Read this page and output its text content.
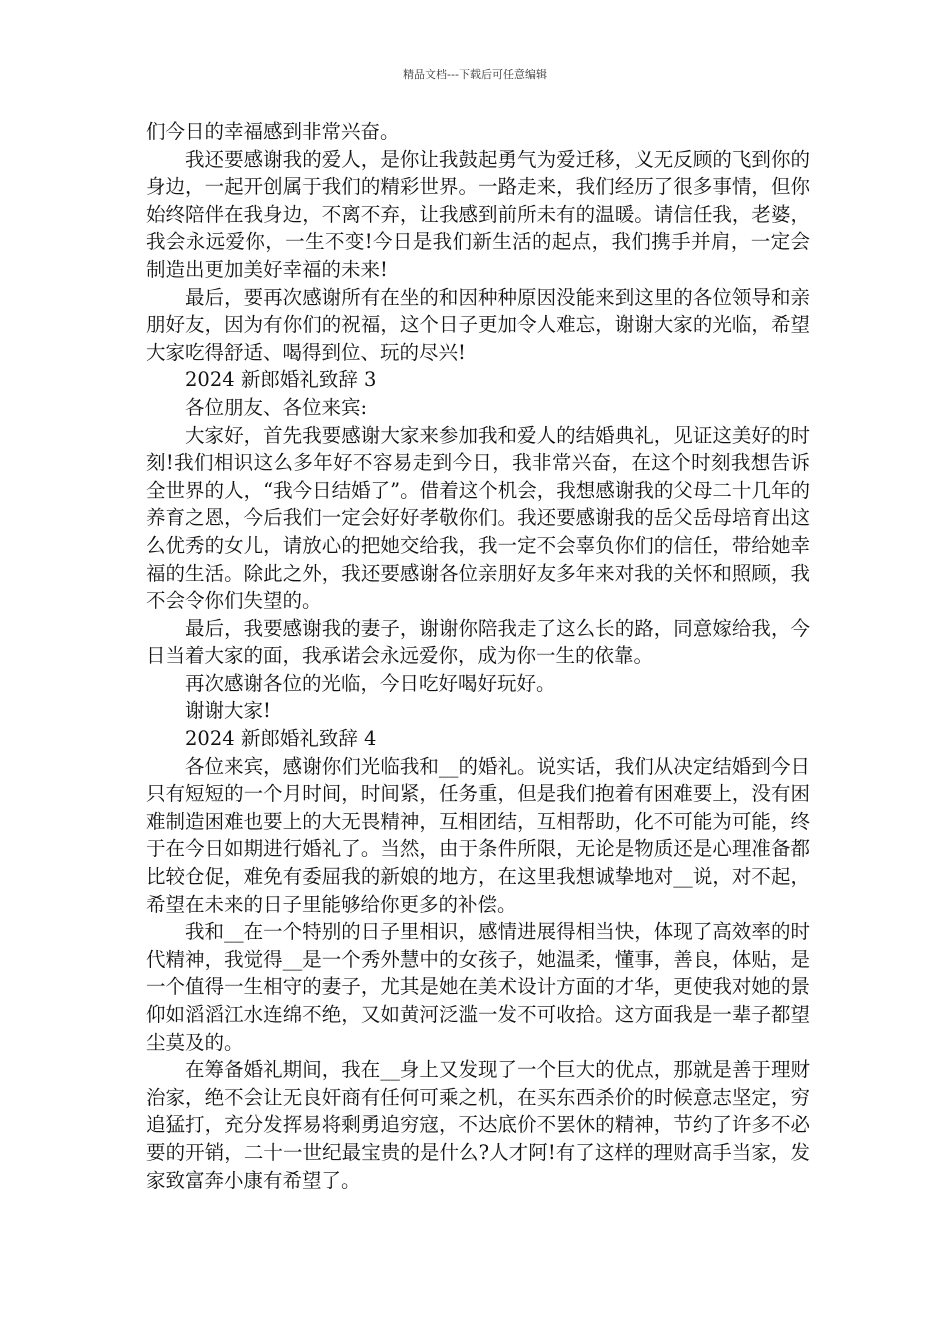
精品文档---下载后可任意编辑

们今日的幸福感到非常兴奋。

我还要感谢我的爱人，是你让我鼓起勇气为爱迁移，义无反顾的飞到你的身边，一起开创属于我们的精彩世界。一路走来，我们经历了很多事情，但你始终陪伴在我身边，不离不弃，让我感到前所未有的温暖。请信任我，老婆，我会永远爱你，一生不变!今日是我们新生活的起点，我们携手并肩，一定会制造出更加美好幸福的未来!

最后，要再次感谢所有在坐的和因种种原因没能来到这里的各位领导和亲朋好友，因为有你们的祝福，这个日子更加令人难忘，谢谢大家的光临，希望大家吃得舒适、喝得到位、玩的尽兴!

2024 新郎婚礼致辞 3

各位朋友、各位来宾:

大家好，首先我要感谢大家来参加我和爱人的结婚典礼，见证这美好的时刻!我们相识这么多年好不容易走到今日，我非常兴奋，在这个时刻我想告诉全世界的人，“我今日结婚了”。借着这个机会，我想感谢我的父母二十几年的养育之恩，今后我们一定会好好孝敬你们。我还要感谢我的岳父岳母培育出这么优秀的女儿，请放心的把她交给我，我一定不会辜负你们的信任，带给她幸福的生活。除此之外，我还要感谢各位亲朋好友多年来对我的关怀和照顾，我不会令你们失望的。

最后，我要感谢我的妻子，谢谢你陪我走了这么长的路，同意嫁给我，今日当着大家的面，我承诺会永远爱你，成为你一生的依靠。

再次感谢各位的光临，今日吃好喝好玩好。

谢谢大家!

2024 新郎婚礼致辞 4

各位来宾，感谢你们光临我和__的婚礼。说实话，我们从决定结婚到今日只有短短的一个月时间，时间紧，任务重，但是我们抱着有困难要上，没有困难制造困难也要上的大无畏精神，互相团结，互相帮助，化不可能为可能，终于在今日如期进行婚礼了。当然，由于条件所限，无论是物质还是心理准备都比较仓促，难免有委屈我的新娘的地方，在这里我想诚挚地对__说，对不起，希望在未来的日子里能够给你更多的补偿。

我和__在一个特别的日子里相识，感情进展得相当快，体现了高效率的时代精神，我觉得__是一个秀外慧中的女孩子，她温柔，懂事，善良，体贴，是一个值得一生相守的妻子，尤其是她在美术设计方面的才华，更使我对她的景仰如滔滔江水连绵不绝，又如黄河泛滥一发不可收拾。这方面我是一辈子都望尘莫及的。

在筹备婚礼期间，我在__身上又发现了一个巨大的优点，那就是善于理财治家，绝不会让无良奸商有任何可乘之机，在买东西杀价的时候意志坚定，穷追猛打，充分发挥易将剩勇追穷寇，不达底价不罢休的精神，节约了许多不必要的开销，二十一世纪最宝贵的是什么?人才阿!有了这样的理财高手当家，发家致富奔小康有希望了。
